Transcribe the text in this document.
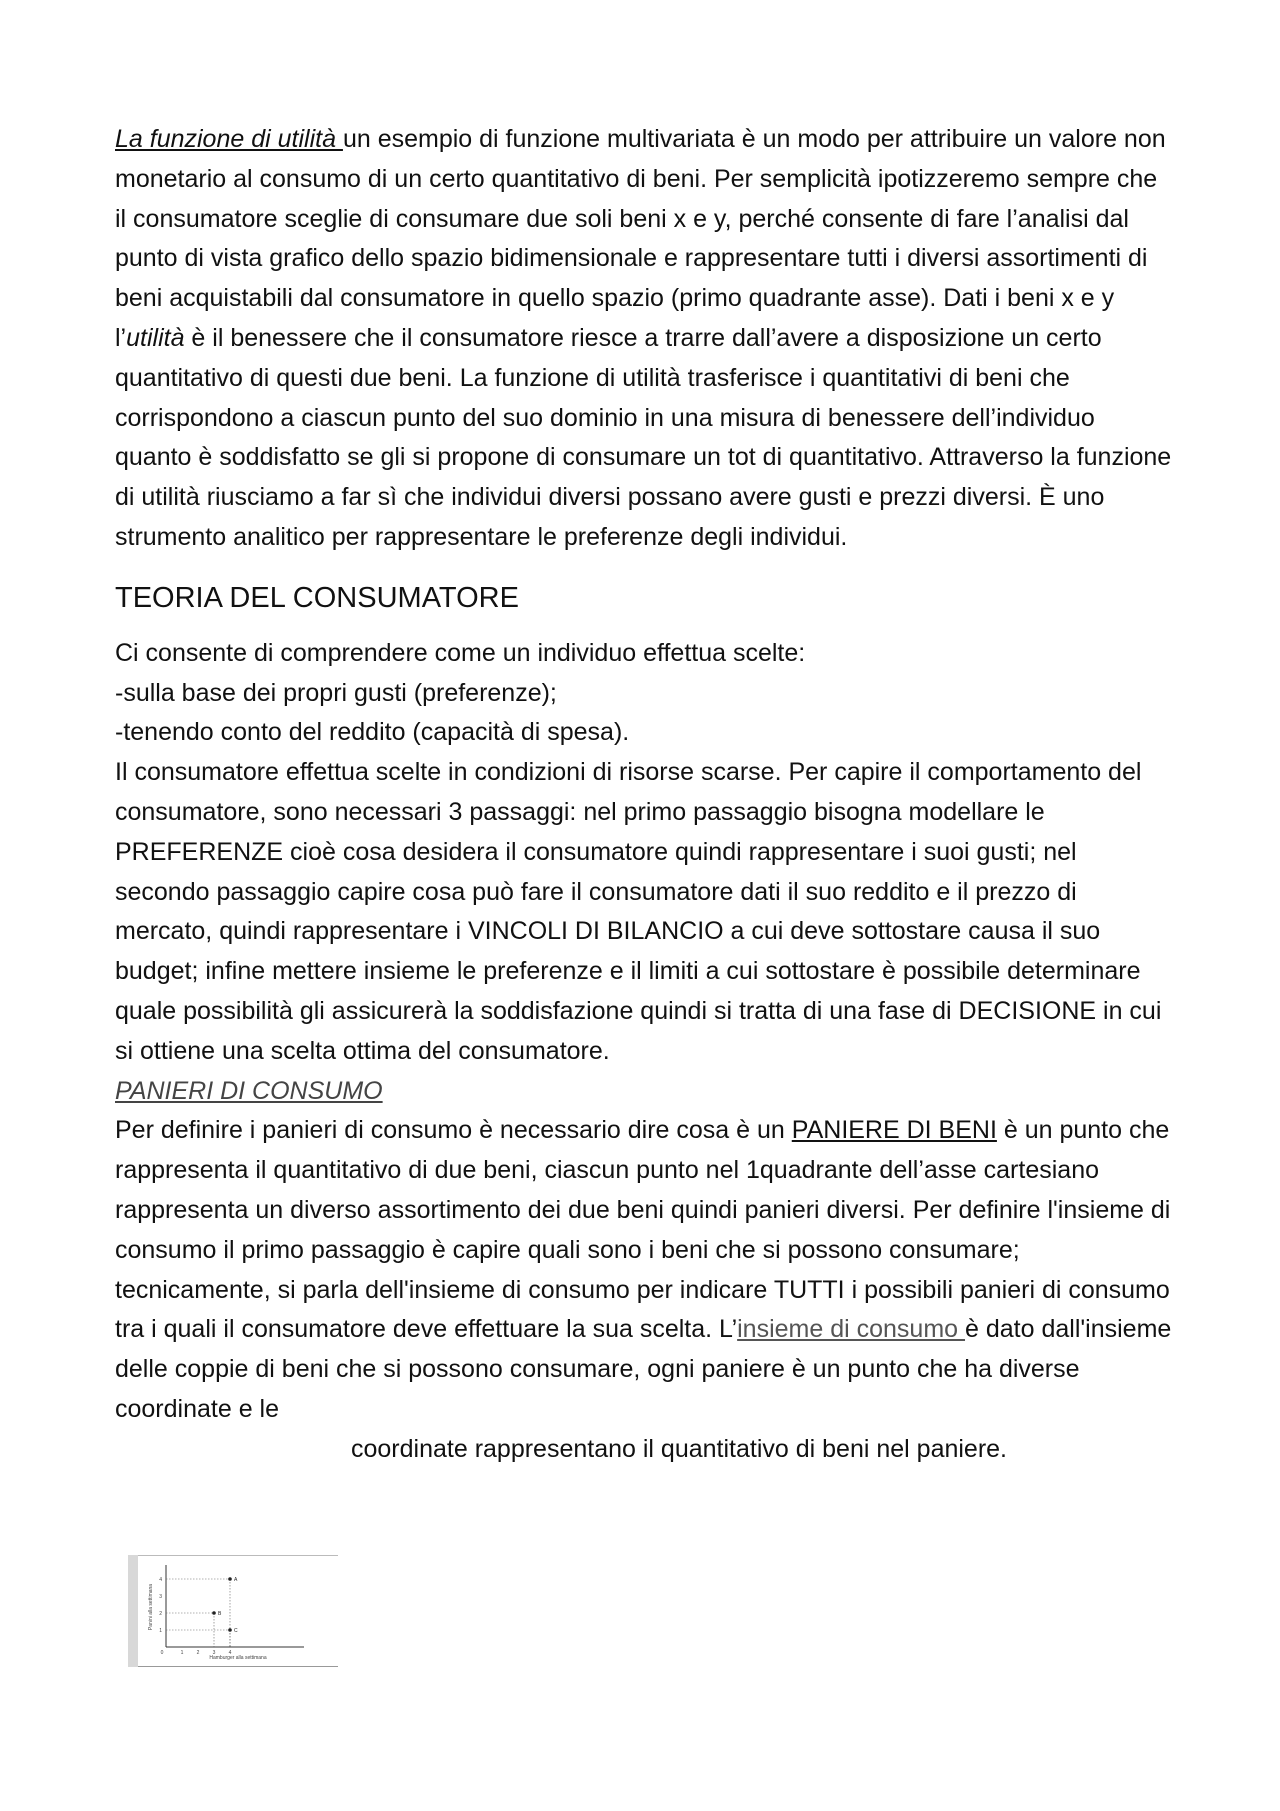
La funzione di utilità un esempio di funzione multivariata è un modo per attribuire un valore non monetario al consumo di un certo quantitativo di beni. Per semplicità ipotizzeremo sempre che il consumatore sceglie di consumare due soli beni x e y, perché consente di fare l’analisi dal punto di vista grafico dello spazio bidimensionale e rappresentare tutti i diversi assortimenti di beni acquistabili dal consumatore in quello spazio (primo quadrante asse). Dati i beni x e y l’utilità è il benessere che il consumatore riesce a trarre dall’avere a disposizione un certo quantitativo di questi due beni. La funzione di utilità trasferisce i quantitativi di beni che corrispondono a ciascun punto del suo dominio in una misura di benessere dell’individuo quanto è soddisfatto se gli si propone di consumare un tot di quantitativo. Attraverso la funzione di utilità riusciamo a far sì che individui diversi possano avere gusti e prezzi diversi. È uno strumento analitico per rappresentare le preferenze degli individui.

TEORIA DEL CONSUMATORE

Ci consente di comprendere come un individuo effettua scelte:
-sulla base dei propri gusti (preferenze);
-tenendo conto del reddito (capacità di spesa).
Il consumatore effettua scelte in condizioni di risorse scarse. Per capire il comportamento del consumatore, sono necessari 3 passaggi: nel primo passaggio bisogna modellare le PREFERENZE cioè cosa desidera il consumatore quindi rappresentare i suoi gusti; nel secondo passaggio capire cosa può fare il consumatore dati il suo reddito e il prezzo di mercato, quindi rappresentare i VINCOLI DI BILANCIO a cui deve sottostare causa il suo budget; infine mettere insieme le preferenze e il limiti a cui sottostare è possibile determinare quale possibilità gli assicurerà la soddisfazione quindi si tratta di una fase di DECISIONE in cui si ottiene una scelta ottima del consumatore.

PANIERI DI CONSUMO

Per definire i panieri di consumo è necessario dire cosa è un PANIERE DI BENI è un punto che rappresenta il quantitativo di due beni, ciascun punto nel 1quadrante dell’asse cartesiano rappresenta un diverso assortimento dei due beni quindi panieri diversi. Per definire l'insieme di consumo il primo passaggio è capire quali sono i beni che si possono consumare; tecnicamente, si parla dell'insieme di consumo per indicare TUTTI i possibili panieri di consumo tra i quali il consumatore deve effettuare la sua scelta. L’insieme di consumo è dato dall'insieme delle coppie di beni che si possono consumare, ogni paniere è un punto che ha diverse coordinate e le

coordinate rappresentano il quantitativo di beni nel paniere.

Panini alla settimana
Hamburger alla settimana
0	1	2	3	4
1
2
3
4	A
B
C
